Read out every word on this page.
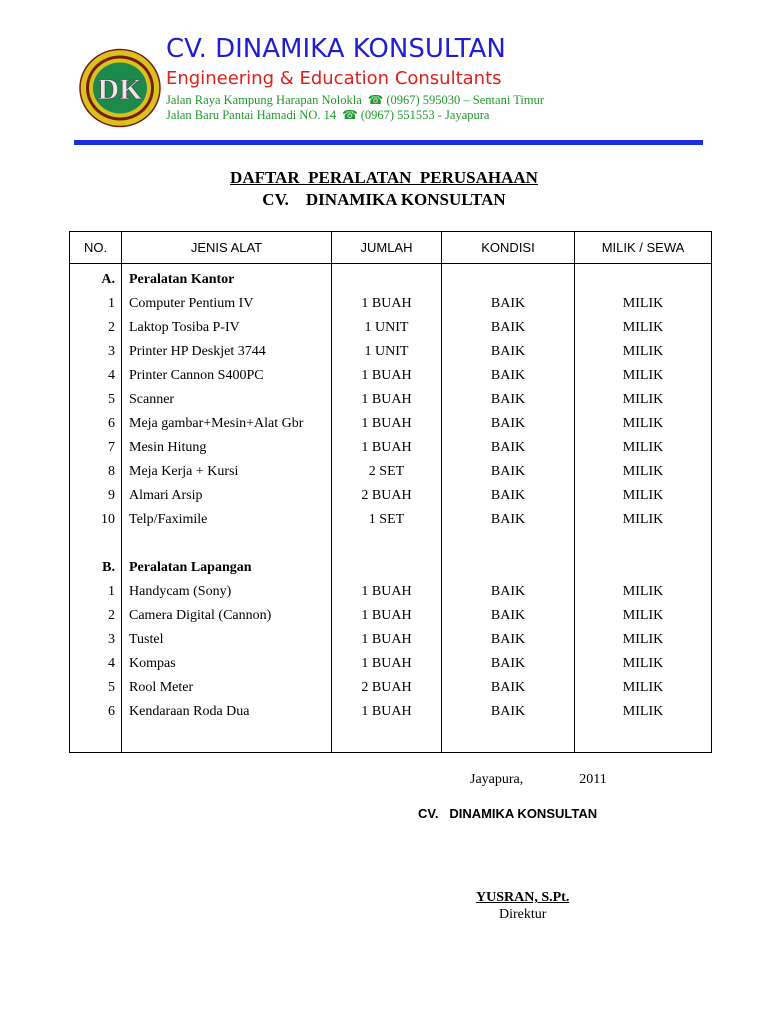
DK
CV. DINAMIKA KONSULTAN
Engineering & Education Consultants
Jalan Raya Kampung Harapan Nolokla ☎ (0967) 595030 – Sentani Timur
Jalan Baru Pantai Hamadi NO. 14 ☎ (0967) 551553 - Jayapura
DAFTAR  PERALATAN  PERUSAHAAN
CV.    DINAMIKA KONSULTAN
NO.	JENIS ALAT	JUMLAH	KONDISI	MILIK / SEWA
A.	Peralatan Kantor			
1	Computer Pentium IV	1 BUAH	BAIK	MILIK
2	Laktop Tosiba P-IV	1 UNIT	BAIK	MILIK
3	Printer HP Deskjet 3744	1 UNIT	BAIK	MILIK
4	Printer Cannon S400PC	1 BUAH	BAIK	MILIK
5	Scanner	1 BUAH	BAIK	MILIK
6	Meja gambar+Mesin+Alat Gbr	1 BUAH	BAIK	MILIK
7	Mesin Hitung	1 BUAH	BAIK	MILIK
8	Meja Kerja + Kursi	2 SET	BAIK	MILIK
9	Almari Arsip	2 BUAH	BAIK	MILIK
10	Telp/Faximile	1 SET	BAIK	MILIK

B.	Peralatan Lapangan			
1	Handycam (Sony)	1 BUAH	BAIK	MILIK
2	Camera Digital (Cannon)	1 BUAH	BAIK	MILIK
3	Tustel	1 BUAH	BAIK	MILIK
4	Kompas	1 BUAH	BAIK	MILIK
5	Rool Meter	2 BUAH	BAIK	MILIK
6	Kendaraan Roda Dua	1 BUAH	BAIK	MILIK

Jayapura,	2011
CV.   DINAMIKA KONSULTAN
YUSRAN, S.Pt.
Direktur
